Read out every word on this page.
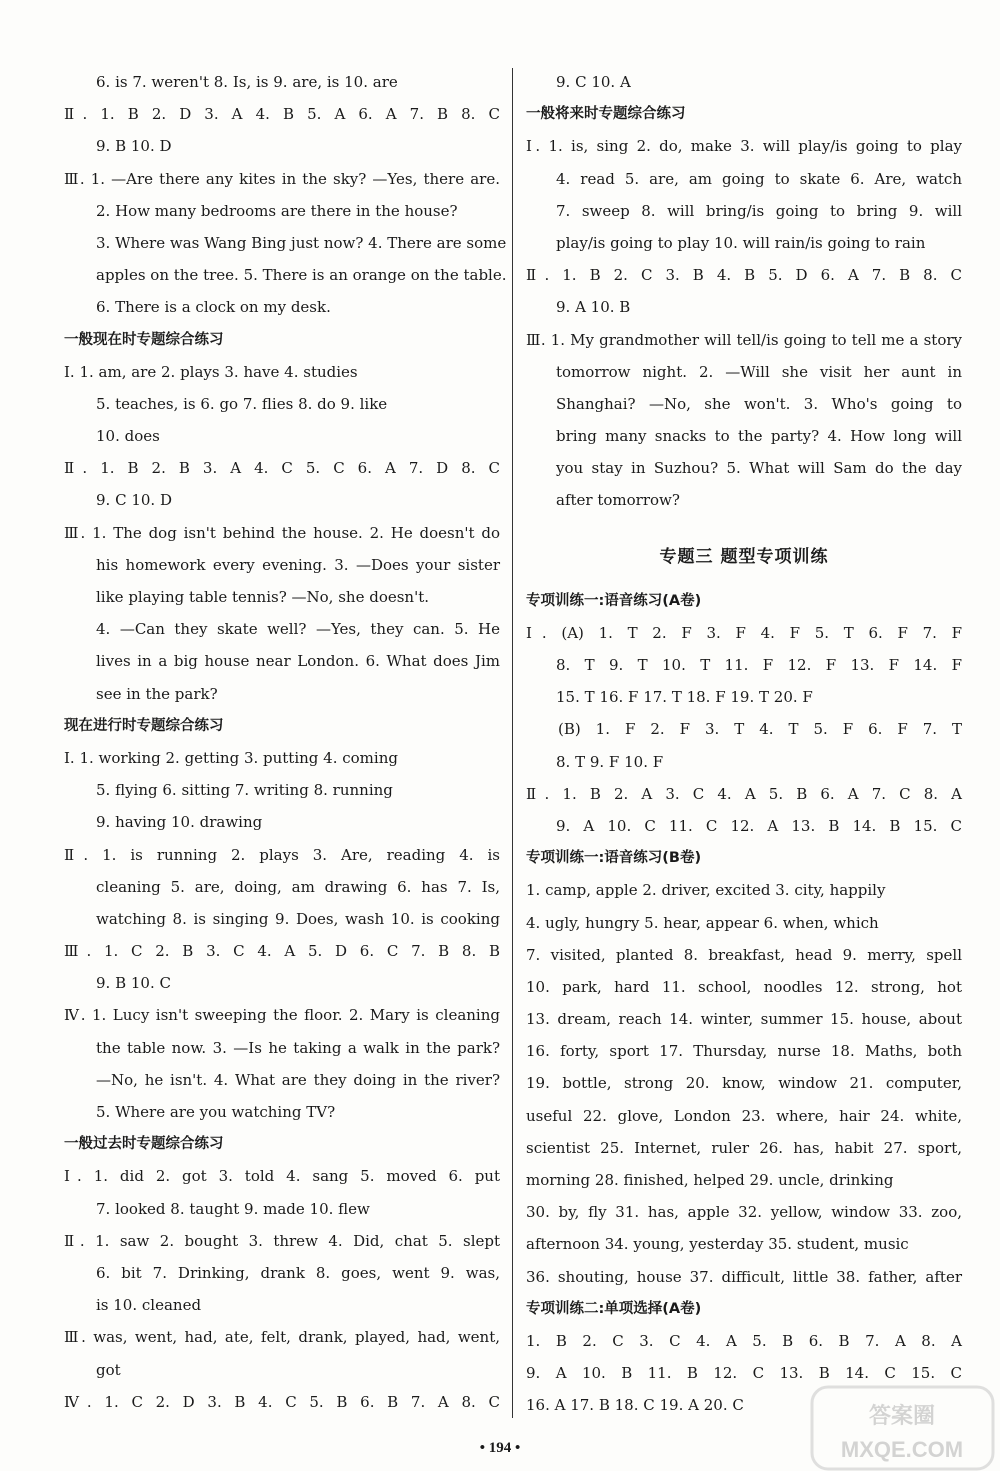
6. is 7. weren't 8. Is, is 9. are, is 10. are
Ⅱ. 1. B 2. D 3. A 4. B 5. A 6. A 7. B 8. C
9. B 10. D
Ⅲ. 1. —Are there any kites in the sky? —Yes, there are.
2. How many bedrooms are there in the house?
3. Where was Wang Bing just now? 4. There are some
apples on the tree. 5. There is an orange on the table.
6. There is a clock on my desk.
一般现在时专题综合练习
Ⅰ. 1. am, are 2. plays 3. have 4. studies
5. teaches, is 6. go 7. flies 8. do 9. like
10. does
Ⅱ. 1. B 2. B 3. A 4. C 5. C 6. A 7. D 8. C
9. C 10. D
Ⅲ. 1. The dog isn't behind the house. 2. He doesn't do
his homework every evening. 3. —Does your sister
like playing table tennis? —No, she doesn't.
4. —Can they skate well? —Yes, they can. 5. He
lives in a big house near London. 6. What does Jim
see in the park?
现在进行时专题综合练习
Ⅰ. 1. working 2. getting 3. putting 4. coming
5. flying 6. sitting 7. writing 8. running
9. having 10. drawing
Ⅱ. 1. is running 2. plays 3. Are, reading 4. is
cleaning 5. are, doing, am drawing 6. has 7. Is,
watching 8. is singing 9. Does, wash 10. is cooking
Ⅲ. 1. C 2. B 3. C 4. A 5. D 6. C 7. B 8. B
9. B 10. C
Ⅳ. 1. Lucy isn't sweeping the floor. 2. Mary is cleaning
the table now. 3. —Is he taking a walk in the park?
—No, he isn't. 4. What are they doing in the river?
5. Where are you watching TV?
一般过去时专题综合练习
Ⅰ. 1. did 2. got 3. told 4. sang 5. moved 6. put
7. looked 8. taught 9. made 10. flew
Ⅱ. 1. saw 2. bought 3. threw 4. Did, chat 5. slept
6. bit 7. Drinking, drank 8. goes, went 9. was,
is 10. cleaned
Ⅲ. was, went, had, ate, felt, drank, played, had, went,
got
Ⅳ. 1. C 2. D 3. B 4. C 5. B 6. B 7. A 8. C
9. C 10. A
一般将来时专题综合练习
Ⅰ. 1. is, sing 2. do, make 3. will play/is going to play
4. read 5. are, am going to skate 6. Are, watch
7. sweep 8. will bring/is going to bring 9. will
play/is going to play 10. will rain/is going to rain
Ⅱ. 1. B 2. C 3. B 4. B 5. D 6. A 7. B 8. C
9. A 10. B
Ⅲ. 1. My grandmother will tell/is going to tell me a story
tomorrow night. 2. —Will she visit her aunt in
Shanghai? —No, she won't. 3. Who's going to
bring many snacks to the party? 4. How long will
you stay in Suzhou? 5. What will Sam do the day
after tomorrow?
专题三 题型专项训练
专项训练一:语音练习(A卷)
Ⅰ. (A) 1. T 2. F 3. F 4. F 5. T 6. F 7. F
8. T 9. T 10. T 11. F 12. F 13. F 14. F
15. T 16. F 17. T 18. F 19. T 20. F
(B) 1. F 2. F 3. T 4. T 5. F 6. F 7. T
8. T 9. F 10. F
Ⅱ. 1. B 2. A 3. C 4. A 5. B 6. A 7. C 8. A
9. A 10. C 11. C 12. A 13. B 14. B 15. C
专项训练一:语音练习(B卷)
1. camp, apple 2. driver, excited 3. city, happily
4. ugly, hungry 5. hear, appear 6. when, which
7. visited, planted 8. breakfast, head 9. merry, spell
10. park, hard 11. school, noodles 12. strong, hot
13. dream, reach 14. winter, summer 15. house, about
16. forty, sport 17. Thursday, nurse 18. Maths, both
19. bottle, strong 20. know, window 21. computer,
useful 22. glove, London 23. where, hair 24. white,
scientist 25. Internet, ruler 26. has, habit 27. sport,
morning 28. finished, helped 29. uncle, drinking
30. by, fly 31. has, apple 32. yellow, window 33. zoo,
afternoon 34. young, yesterday 35. student, music
36. shouting, house 37. difficult, little 38. father, after
专项训练二:单项选择(A卷)
1. B 2. C 3. C 4. A 5. B 6. B 7. A 8. A
9. A 10. B 11. B 12. C 13. B 14. C 15. C
16. A 17. B 18. C 19. A 20. C
• 194 •
答案圈
MXQE.COM
